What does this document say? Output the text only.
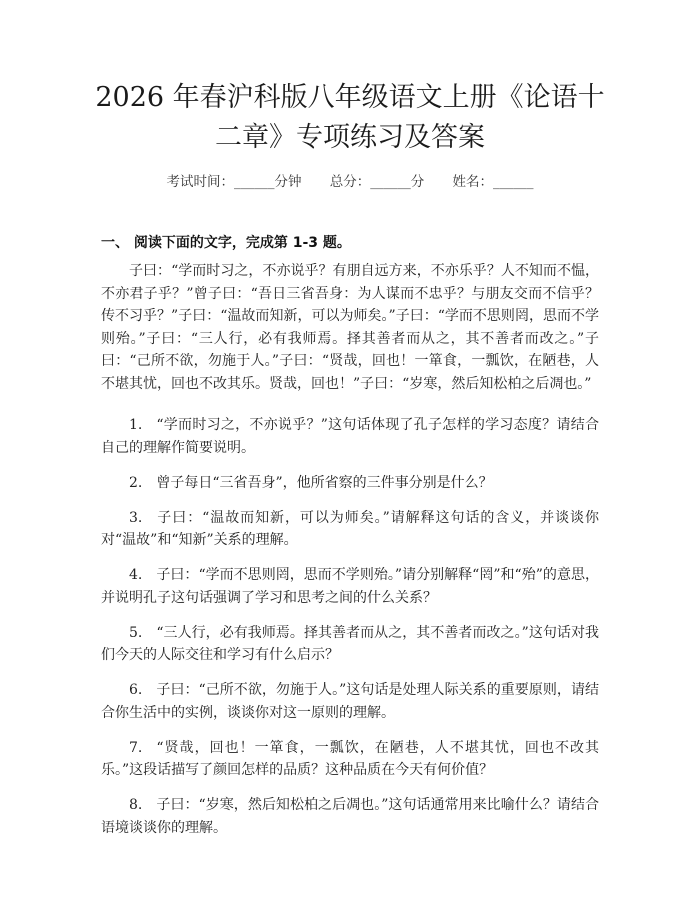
2026 年春沪科版八年级语文上册《论语十二章》专项练习及答案
考试时间：______分钟 总分：______分 姓名：______
一、 阅读下面的文字，完成第 1-3 题。

子曰：“学而时习之，不亦说乎？有朋自远方来，不亦乐乎？人不知而不愠，不亦君子乎？”曾子曰：“吾日三省吾身：为人谋而不忠乎？与朋友交而不信乎？传不习乎？”子曰：“温故而知新，可以为师矣。”子曰：“学而不思则罔，思而不学则殆。”子曰：“三人行，必有我师焉。择其善者而从之，其不善者而改之。”子曰：“己所不欲，勿施于人。”子曰：“贤哉，回也！一箪食，一瓢饮，在陋巷，人不堪其忧，回也不改其乐。贤哉，回也！”子曰：“岁寒，然后知松柏之后凋也。”

1. “学而时习之，不亦说乎？”这句话体现了孔子怎样的学习态度？请结合自己的理解作简要说明。

2. 曾子每日“三省吾身”，他所省察的三件事分别是什么？

3. 子曰：“温故而知新，可以为师矣。”请解释这句话的含义，并谈谈你对“温故”和“知新”关系的理解。

4. 子曰：“学而不思则罔，思而不学则殆。”请分别解释“罔”和“殆”的意思，并说明孔子这句话强调了学习和思考之间的什么关系？

5. “三人行，必有我师焉。择其善者而从之，其不善者而改之。”这句话对我们今天的人际交往和学习有什么启示？

6. 子曰：“己所不欲，勿施于人。”这句话是处理人际关系的重要原则，请结合你生活中的实例，谈谈你对这一原则的理解。

7. “贤哉，回也！一箪食，一瓢饮，在陋巷，人不堪其忧，回也不改其乐。”这段话描写了颜回怎样的品质？这种品质在今天有何价值？

8. 子曰：“岁寒，然后知松柏之后凋也。”这句话通常用来比喻什么？请结合语境谈谈你的理解。
